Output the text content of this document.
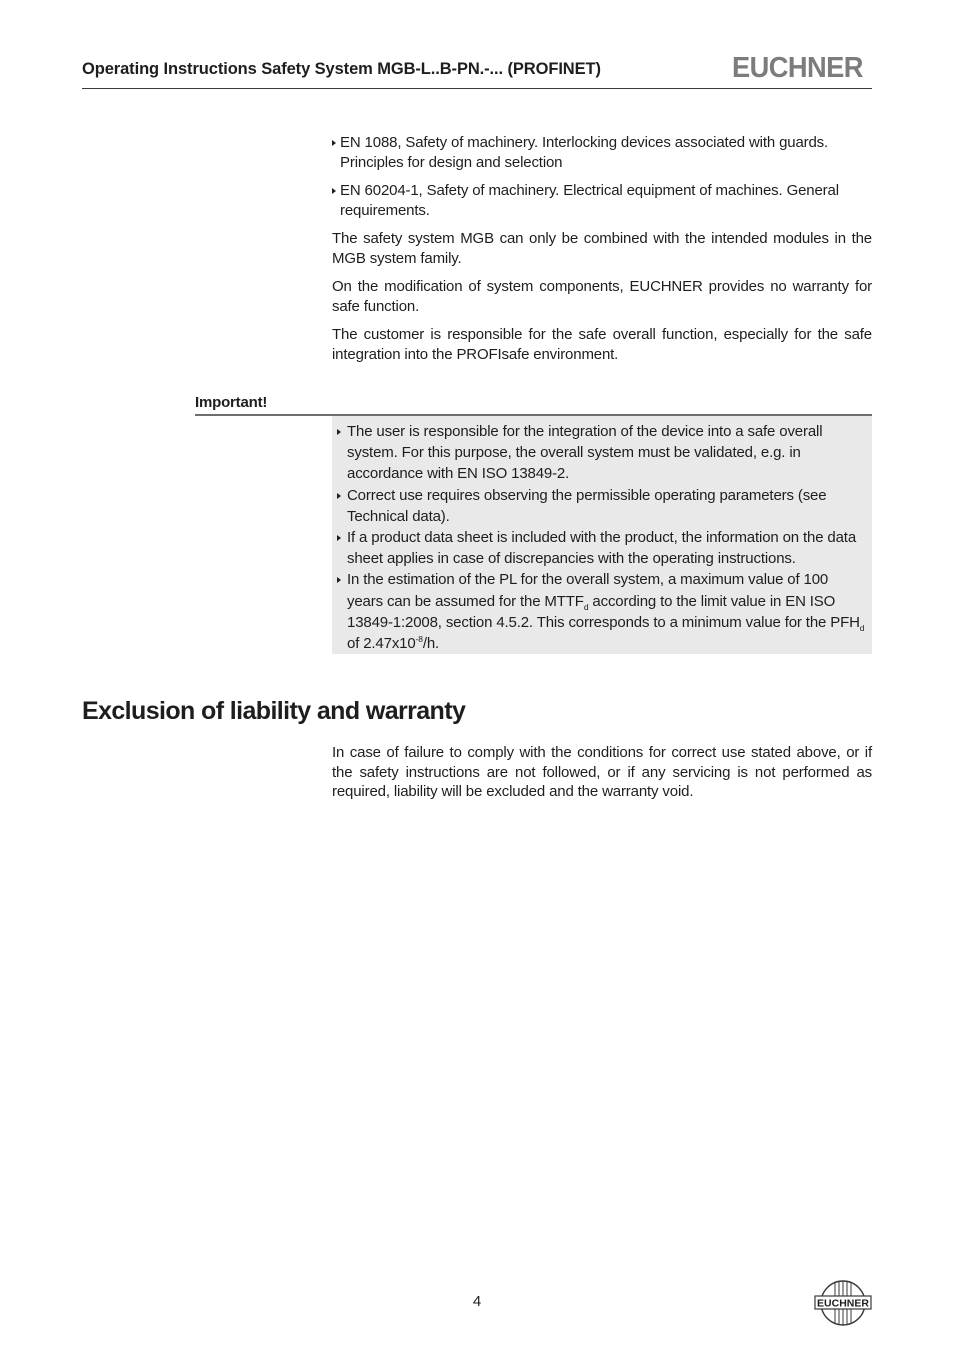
Operating Instructions Safety System MGB-L..B-PN.-... (PROFINET)	EUCHNER
EN 1088, Safety of machinery. Interlocking devices associated with guards. Principles for design and selection
EN 60204-1, Safety of machinery. Electrical equipment of machines. General requirements.

The safety system MGB can only be combined with the intended modules in the MGB system family.

On the modification of system components, EUCHNER provides no warranty for safe function.

The customer is responsible for the safe overall function, especially for the safe integration into the PROFIsafe environment.

Important!
The user is responsible for the integration of the device into a safe overall system. For this purpose, the overall system must be validated, e.g. in accordance with EN ISO 13849-2.
Correct use requires observing the permissible operating parameters (see Technical data).
If a product data sheet is included with the product, the information on the data sheet applies in case of discrepancies with the operating instructions.
In the estimation of the PL for the overall system, a maximum value of 100 years can be assumed for the $MTTF_d$ according to the limit value in EN ISO 13849-1:2008, section 4.5.2. This corresponds to a minimum value for the $PFH_d$ of $2.47x10^{-8}/h$.
Exclusion of liability and warranty

In case of failure to comply with the conditions for correct use stated above, or if the safety instructions are not followed, or if any servicing is not performed as required, liability will be excluded and the warranty void.

4	EUCHNER
